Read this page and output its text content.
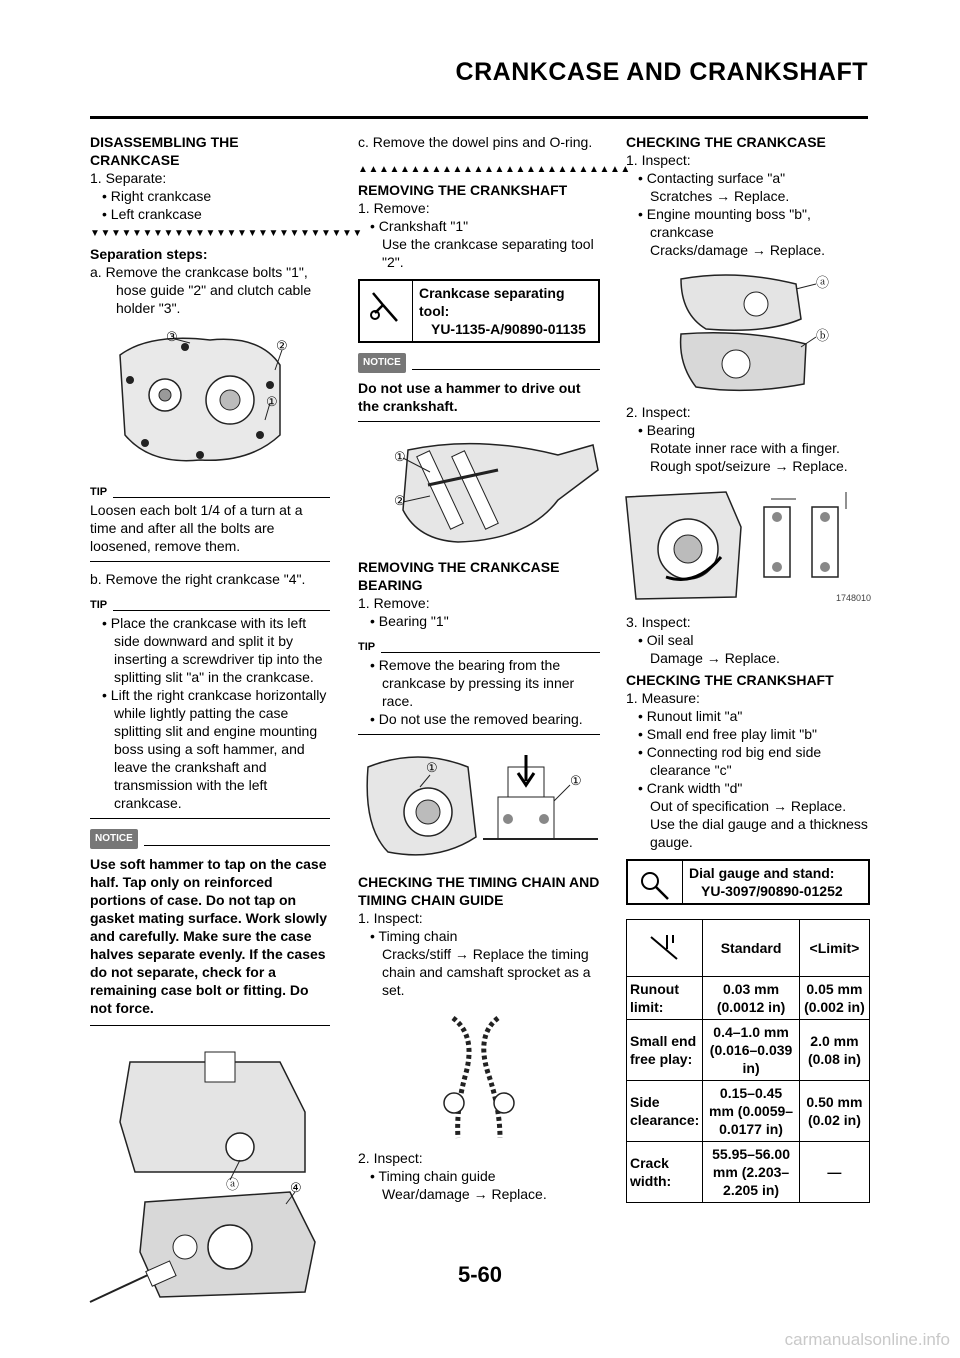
CRANKCASE AND CRANKSHAFT

DISASSEMBLING THE CRANKCASE

1. Separate:

• Right crankcase

• Left crankcase

▼▼▼▼▼▼▼▼▼▼▼▼▼▼▼▼▼▼▼▼▼▼▼▼▼▼

Separation steps:

a. Remove the crankcase bolts "1", hose guide "2" and clutch cable holder "3".

③
②
①
TIP

Loosen each bolt 1/4 of a turn at a time and after all the bolts are loosened, remove them.

b. Remove the right crankcase "4".

TIP

• Place the crankcase with its left side downward and split it by inserting a screwdriver tip into the splitting slit "a" in the crankcase.

• Lift the right crankcase horizontally while lightly patting the case splitting slit and engine mounting boss using a soft hammer, and leave the crankshaft and transmission with the left crankcase.

NOTICE

Use soft hammer to tap on the case half. Tap only on reinforced portions of case. Do not tap on gasket mating surface. Work slowly and carefully. Make sure the case halves separate evenly. If the cases do not separate, check for a remaining case bolt or fitting. Do not force.

ⓐ	④

c. Remove the dowel pins and O-ring.

▲▲▲▲▲▲▲▲▲▲▲▲▲▲▲▲▲▲▲▲▲▲▲▲▲▲

REMOVING THE CRANKSHAFT

1. Remove:

• Crankshaft "1"

Use the crankcase separating tool "2".

Crankcase separating tool:
YU-1135-A/90890-01135
NOTICE

Do not use a hammer to drive out the crankshaft.

①
②

REMOVING THE CRANKCASE BEARING

1. Remove:

• Bearing "1"

TIP

• Remove the bearing from the crankcase by pressing its inner race.

• Do not use the removed bearing.

①
①

CHECKING THE TIMING CHAIN AND TIMING CHAIN GUIDE

1. Inspect:

• Timing chain

Cracks/stiff → Replace the timing chain and camshaft sprocket as a set.

2. Inspect:

• Timing chain guide

Wear/damage → Replace.

CHECKING THE CRANKCASE

1. Inspect:

• Contacting surface "a"

Scratches → Replace.

• Engine mounting boss "b", crankcase

Cracks/damage → Replace.

ⓐ
ⓑ

2. Inspect:

• Bearing

Rotate inner race with a finger.

Rough spot/seizure → Replace.

1748010

3. Inspect:

• Oil seal

Damage → Replace.

CHECKING THE CRANKSHAFT

1. Measure:

• Runout limit "a"

• Small end free play limit "b"

• Connecting rod big end side clearance "c"

• Crank width "d"

Out of specification → Replace.

Use the dial gauge and a thickness gauge.

Dial gauge and stand:
YU-3097/90890-01252
	Standard	<Limit>
Runout limit:	0.03 mm (0.0012 in)	0.05 mm (0.002 in)
Small end free play:	0.4–1.0 mm (0.016–0.039 in)	2.0 mm (0.08 in)
Side clearance:	0.15–0.45 mm (0.0059–0.0177 in)	0.50 mm (0.02 in)
Crack width:	55.95–56.00 mm (2.203–2.205 in)	—
5-60
carmanualsonline.info
